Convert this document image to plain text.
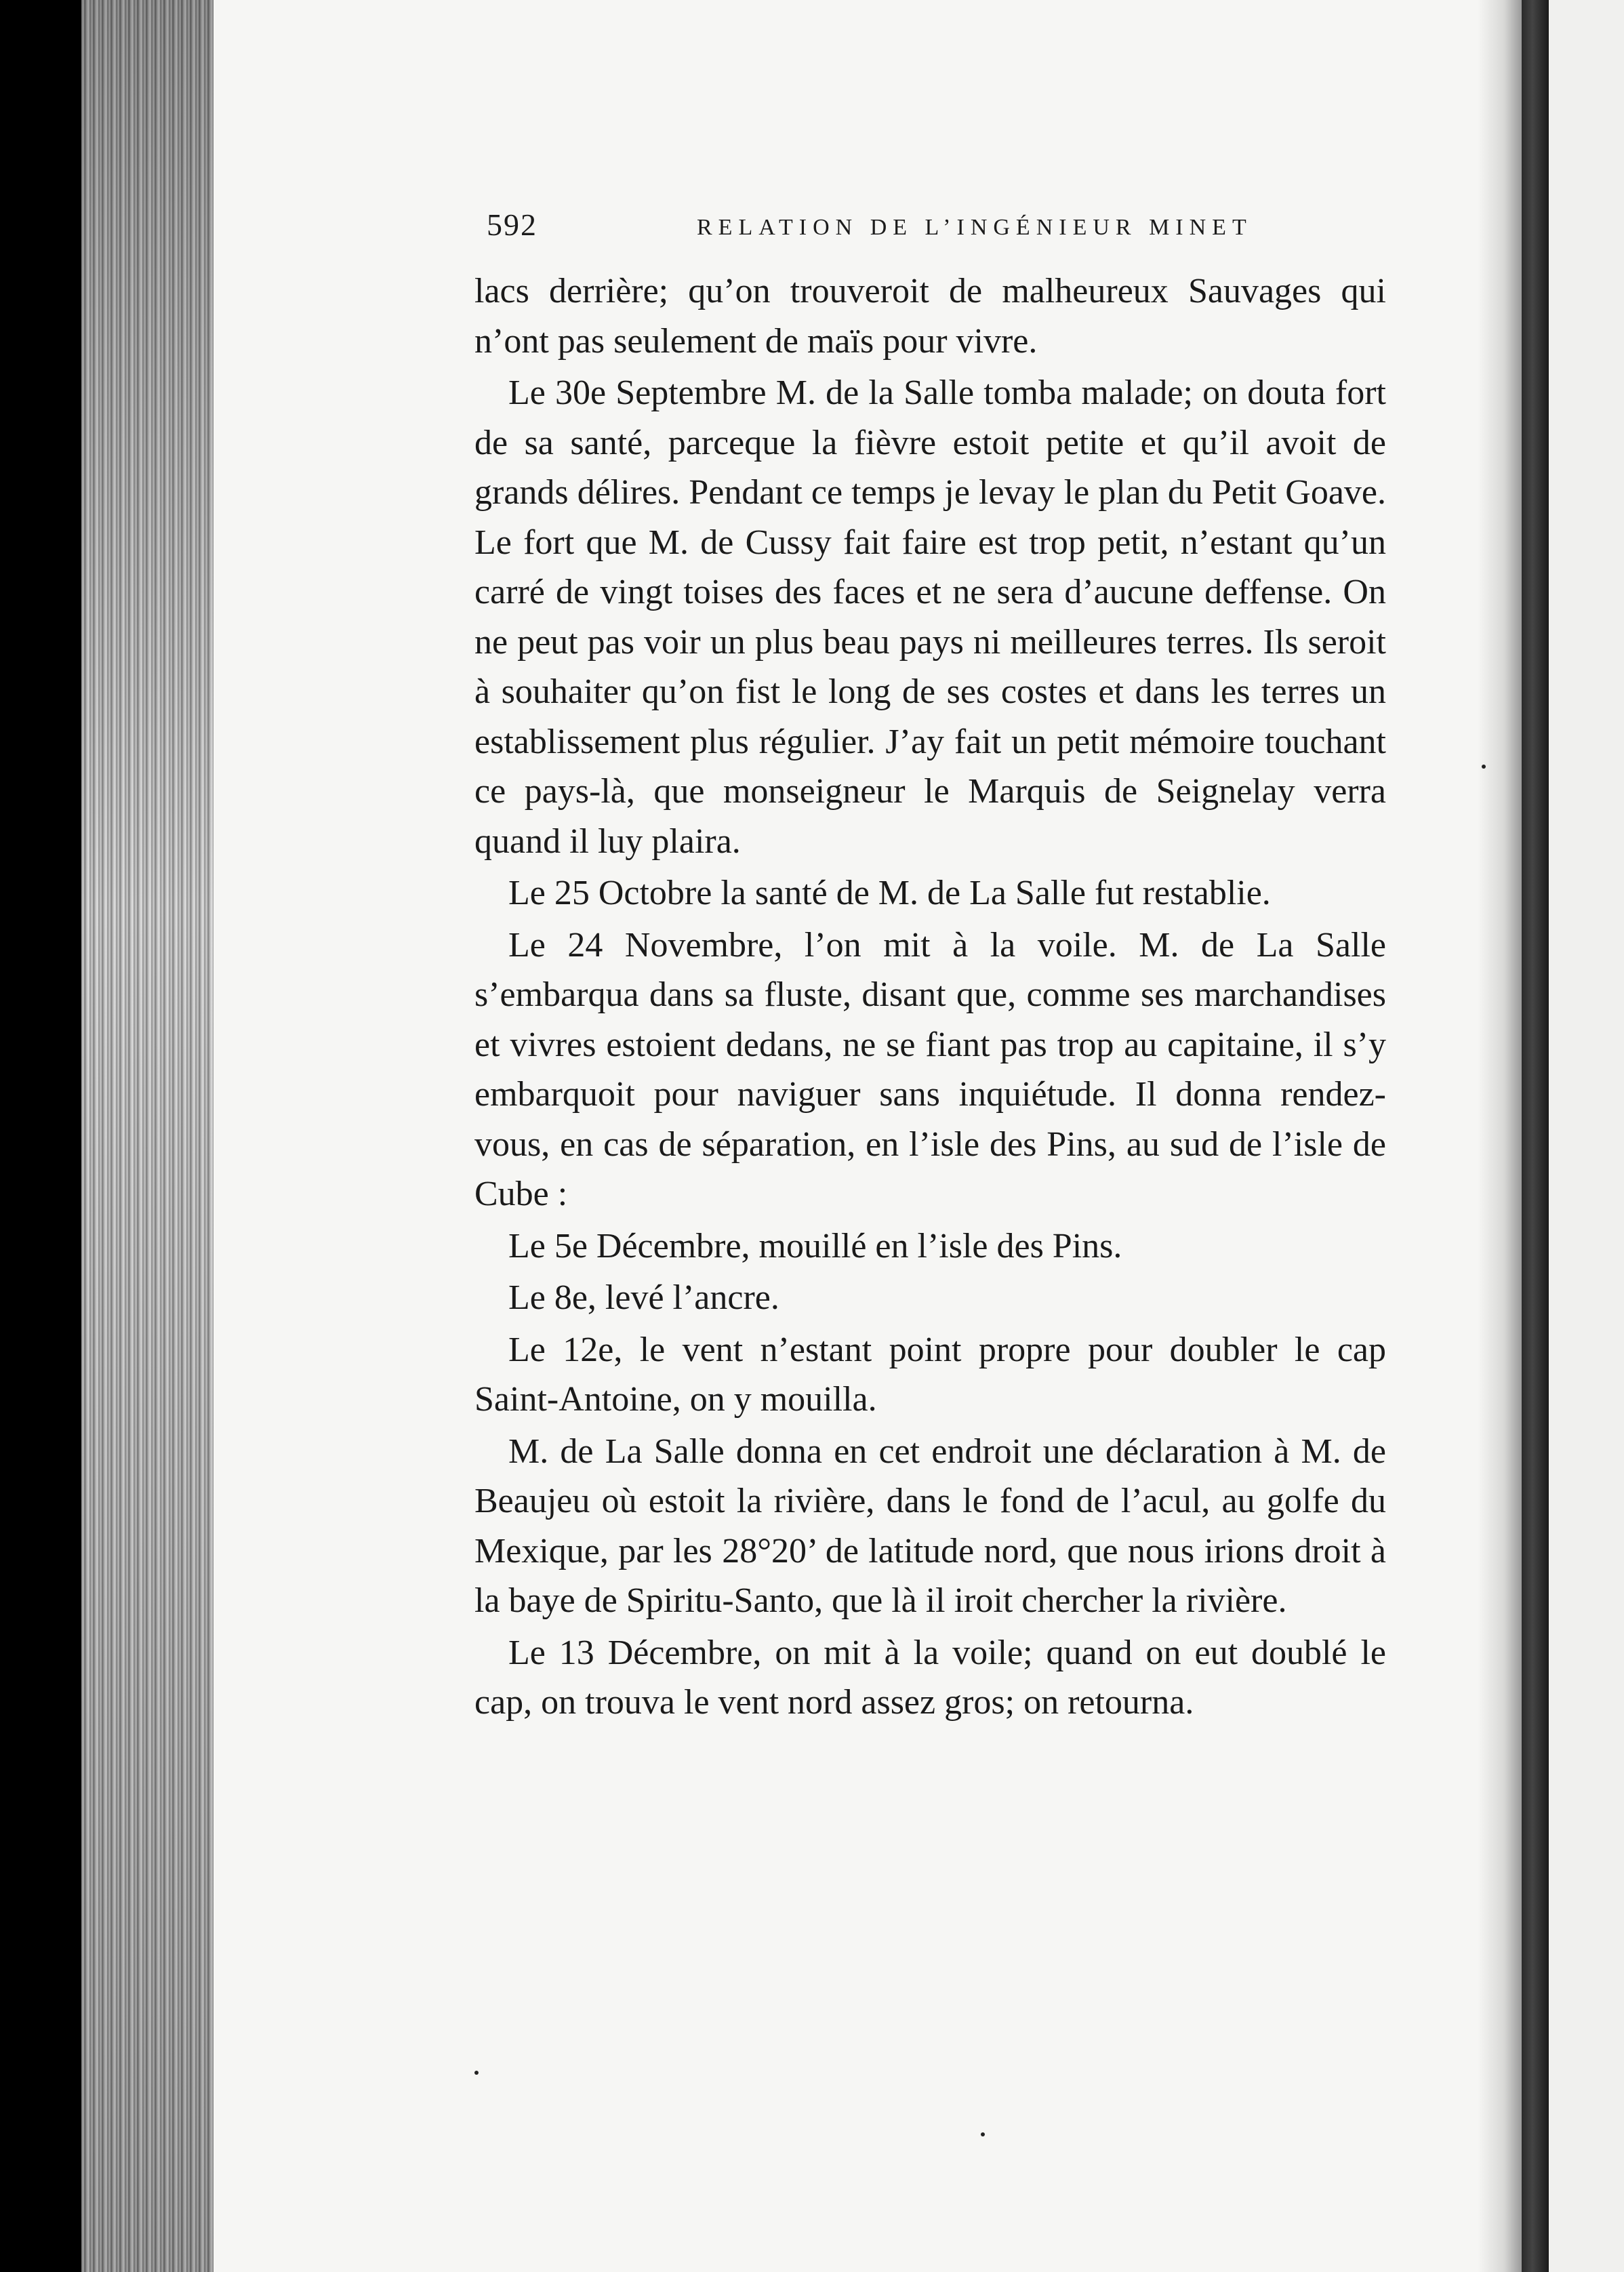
592	RELATION DE L’INGÉNIEUR MINET

lacs derrière; qu’on trouveroit de malheureux Sauvages qui n’ont pas seulement de maïs pour vivre.

Le 30e Septembre M. de la Salle tomba malade; on douta fort de sa santé, parceque la fièvre estoit petite et qu’il avoit de grands délires. Pendant ce temps je levay le plan du Petit Goave. Le fort que M. de Cussy fait faire est trop petit, n’estant qu’un carré de vingt toises des faces et ne sera d’aucune deffense. On ne peut pas voir un plus beau pays ni meilleures terres. Ils seroit à souhaiter qu’on fist le long de ses costes et dans les terres un establissement plus régulier. J’ay fait un petit mémoire touchant ce pays-là, que monseigneur le Marquis de Seignelay verra quand il luy plaira.

Le 25 Octobre la santé de M. de La Salle fut restablie.

Le 24 Novembre, l’on mit à la voile. M. de La Salle s’embarqua dans sa fluste, disant que, comme ses marchandises et vivres estoient dedans, ne se fiant pas trop au capitaine, il s’y embarquoit pour naviguer sans inquiétude. Il donna rendez-vous, en cas de séparation, en l’isle des Pins, au sud de l’isle de Cube :

Le 5e Décembre, mouillé en l’isle des Pins.

Le 8e, levé l’ancre.

Le 12e, le vent n’estant point propre pour doubler le cap Saint-Antoine, on y mouilla.

M. de La Salle donna en cet endroit une déclaration à M. de Beaujeu où estoit la rivière, dans le fond de l’acul, au golfe du Mexique, par les 28°20’ de latitude nord, que nous irions droit à la baye de Spiritu-Santo, que là il iroit chercher la rivière.

Le 13 Décembre, on mit à la voile; quand on eut doublé le cap, on trouva le vent nord assez gros; on retourna.
